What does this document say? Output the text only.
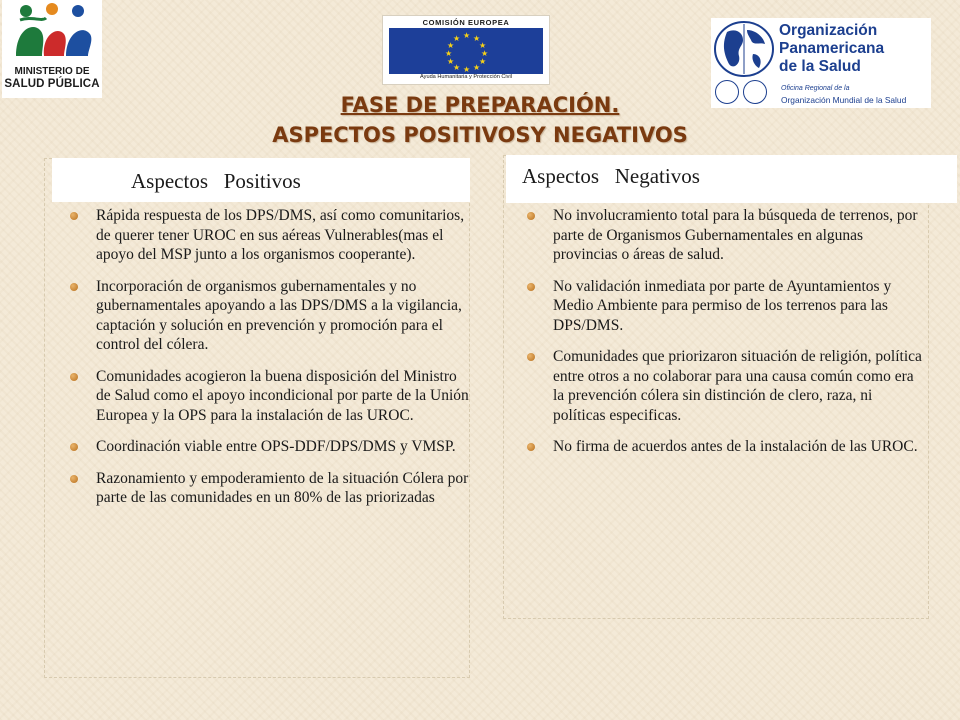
MINISTERIO DE
SALUD PÚBLICA
COMISIÓN EUROPEA
★ ★
★
★
★
★
★
★
★
★
★
★
Ayuda Humanitaria y Protección Civil
Organización
Panamericana
de la Salud
Oficina Regional de la
Organización Mundial de la Salud
FASE DE PREPARACIÓN.
ASPECTOS POSITIVOSY NEGATIVOS
Aspectos   Positivos
Rápida respuesta de los DPS/DMS, así como comunitarios, de querer tener UROC en sus aéreas Vulnerables(mas el apoyo del MSP junto a los organismos cooperante).
Incorporación de organismos gubernamentales y no gubernamentales apoyando a las DPS/DMS a la vigilancia, captación y solución en prevención y promoción para el control del cólera.
Comunidades acogieron la buena disposición del Ministro de Salud como el apoyo incondicional por parte de la Unión Europea y la OPS para la instalación de las UROC.
Coordinación viable entre OPS-DDF/DPS/DMS y VMSP.
Razonamiento y empoderamiento de la situación Cólera por parte de las comunidades en un 80% de las priorizadas
Aspectos   Negativos
No involucramiento total para la búsqueda de terrenos, por parte de Organismos Gubernamentales en algunas provincias o áreas de salud.
No validación inmediata por parte de Ayuntamientos y Medio Ambiente para permiso de los terrenos para las DPS/DMS.
Comunidades que priorizaron situación de religión, política entre otros a no colaborar para una causa común como era la prevención cólera sin distinción de clero, raza, ni políticas especificas.
No firma de acuerdos antes de la instalación de las UROC.
